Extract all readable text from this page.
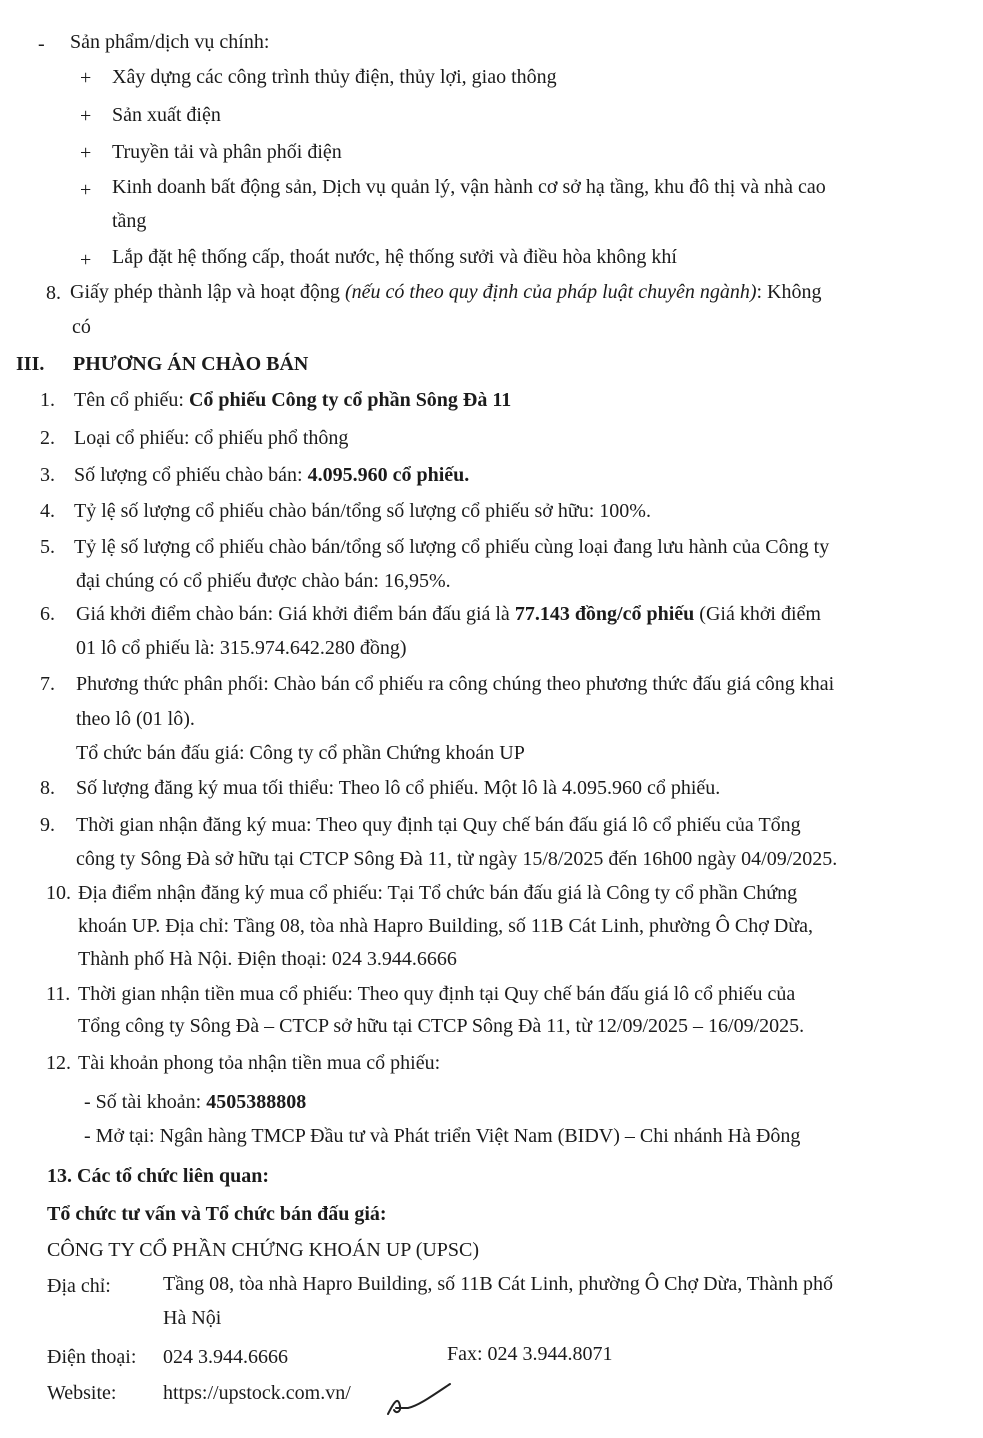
- Sản phẩm/dịch vụ chính:
+ Xây dựng các công trình thủy điện, thủy lợi, giao thông
+ Sản xuất điện
+ Truyền tải và phân phối điện
+ Kinh doanh bất động sản, Dịch vụ quản lý, vận hành cơ sở hạ tầng, khu đô thị và nhà cao
tầng
+ Lắp đặt hệ thống cấp, thoát nước, hệ thống sưởi và điều hòa không khí
8. Giấy phép thành lập và hoạt động (nếu có theo quy định của pháp luật chuyên ngành): Không
có
III. PHƯƠNG ÁN CHÀO BÁN
1. Tên cổ phiếu: Cổ phiếu Công ty cổ phần Sông Đà 11
2. Loại cổ phiếu: cổ phiếu phổ thông
3. Số lượng cổ phiếu chào bán: 4.095.960 cổ phiếu.
4. Tỷ lệ số lượng cổ phiếu chào bán/tổng số lượng cổ phiếu sở hữu: 100%.
5. Tỷ lệ số lượng cổ phiếu chào bán/tổng số lượng cổ phiếu cùng loại đang lưu hành của Công ty
đại chúng có cổ phiếu được chào bán: 16,95%.
6. Giá khởi điểm chào bán: Giá khởi điểm bán đấu giá là 77.143 đồng/cổ phiếu (Giá khởi điểm
01 lô cổ phiếu là: 315.974.642.280 đồng)
7. Phương thức phân phối: Chào bán cổ phiếu ra công chúng theo phương thức đấu giá công khai
theo lô (01 lô).
Tổ chức bán đấu giá: Công ty cổ phần Chứng khoán UP
8. Số lượng đăng ký mua tối thiểu: Theo lô cổ phiếu. Một lô là 4.095.960 cổ phiếu.
9. Thời gian nhận đăng ký mua: Theo quy định tại Quy chế bán đấu giá lô cổ phiếu của Tổng
công ty Sông Đà sở hữu tại CTCP Sông Đà 11, từ ngày 15/8/2025 đến 16h00 ngày 04/09/2025.
10. Địa điểm nhận đăng ký mua cổ phiếu: Tại Tổ chức bán đấu giá là Công ty cổ phần Chứng
khoán UP. Địa chỉ: Tầng 08, tòa nhà Hapro Building, số 11B Cát Linh, phường Ô Chợ Dừa,
Thành phố Hà Nội. Điện thoại: 024 3.944.6666
11. Thời gian nhận tiền mua cổ phiếu: Theo quy định tại Quy chế bán đấu giá lô cổ phiếu của
Tổng công ty Sông Đà – CTCP sở hữu tại CTCP Sông Đà 11, từ 12/09/2025 – 16/09/2025.
12. Tài khoản phong tỏa nhận tiền mua cổ phiếu:
- Số tài khoản: 4505388808
- Mở tại: Ngân hàng TMCP Đầu tư và Phát triển Việt Nam (BIDV) – Chi nhánh Hà Đông
13. Các tổ chức liên quan:
Tổ chức tư vấn và Tổ chức bán đấu giá:
CÔNG TY CỔ PHẦN CHỨNG KHOÁN UP (UPSC)
Địa chỉ:	Tầng 08, tòa nhà Hapro Building, số 11B Cát Linh, phường Ô Chợ Dừa, Thành phố
Hà Nội
Điện thoại: 024 3.944.6666	Fax: 024 3.944.8071
Website: https://upstock.com.vn/
